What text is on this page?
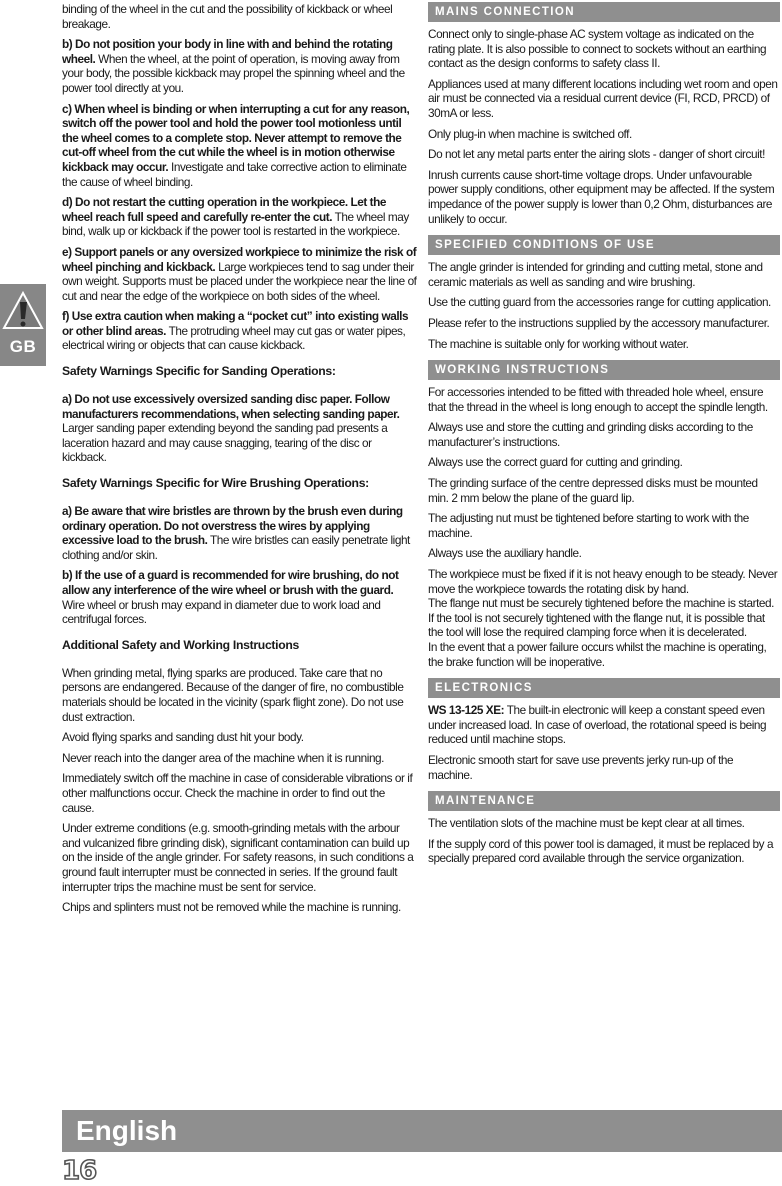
GB

binding of the wheel in the cut and the possibility of kickback or wheel breakage.

b) Do not position your body in line with and behind the rotating wheel. When the wheel, at the point of operation, is moving away from your body, the possible kickback may propel the spinning wheel and the power tool directly at you.

c) When wheel is binding or when interrupting a cut for any reason, switch off the power tool and hold the power tool motionless until the wheel comes to a complete stop. Never attempt to remove the cut-off wheel from the cut while the wheel is in motion otherwise kickback may occur. Investigate and take corrective action to eliminate the cause of wheel binding.

d) Do not restart the cutting operation in the workpiece. Let the wheel reach full speed and carefully re-enter the cut. The wheel may bind, walk up or kickback if the power tool is restarted in the workpiece.

e) Support panels or any oversized workpiece to minimize the risk of wheel pinching and kickback. Large workpieces tend to sag under their own weight. Supports must be placed under the workpiece near the line of cut and near the edge of the workpiece on both sides of the wheel.

f) Use extra caution when making a “pocket cut” into existing walls or other blind areas. The protruding wheel may cut gas or water pipes, electrical wiring or objects that can cause kickback.

Safety Warnings Specific for Sanding Operations:

a) Do not use excessively oversized sanding disc paper. Follow manufacturers recommendations, when selecting sanding paper. Larger sanding paper extending beyond the sanding pad presents a laceration hazard and may cause snagging, tearing of the disc or kickback.

Safety Warnings Specific for Wire Brushing Operations:

a) Be aware that wire bristles are thrown by the brush even during ordinary operation. Do not overstress the wires by applying excessive load to the brush. The wire bristles can easily penetrate light clothing and/or skin.

b) If the use of a guard is recommended for wire brushing, do not allow any interference of the wire wheel or brush with the guard. Wire wheel or brush may expand in diameter due to work load and centrifugal forces.

Additional Safety and Working Instructions

When grinding metal, flying sparks are produced. Take care that no persons are endangered. Because of the danger of fire, no combustible materials should be located in the vicinity (spark flight zone). Do not use dust extraction.

Avoid flying sparks and sanding dust hit your body.

Never reach into the danger area of the machine when it is running.

Immediately switch off the machine in case of considerable vibrations or if other malfunctions occur. Check the machine in order to find out the cause.

Under extreme conditions (e.g. smooth-grinding metals with the arbour and vulcanized fibre grinding disk), significant contamination can build up on the inside of the angle grinder. For safety reasons, in such conditions a ground fault interrupter must be connected in series. If the ground fault interrupter trips the machine must be sent for service.

Chips and splinters must not be removed while the machine is running.

MAINS CONNECTION

Connect only to single-phase AC system voltage as indicated on the rating plate. It is also possible to connect to sockets without an earthing contact as the design conforms to safety class II.

Appliances used at many different locations including wet room and open air must be connected via a residual current device (FI, RCD, PRCD) of 30mA or less.

Only plug-in when machine is switched off.

Do not let any metal parts enter the airing slots - danger of short circuit!

Inrush currents cause short-time voltage drops. Under unfavourable power supply conditions, other equipment may be affected. If the system impedance of the power supply is lower than 0,2 Ohm, disturbances are unlikely to occur.

SPECIFIED CONDITIONS OF USE

The angle grinder is intended for grinding and cutting metal, stone and ceramic materials as well as sanding and wire brushing.

Use the cutting guard from the accessories range for cutting application.

Please refer to the instructions supplied by the accessory manufacturer.

The machine is suitable only for working without water.

WORKING INSTRUCTIONS

For accessories intended to be fitted with threaded hole wheel, ensure that the thread in the wheel is long enough to accept the spindle length.

Always use and store the cutting and grinding disks according to the manufacturer’s instructions.

Always use the correct guard for cutting and grinding.

The grinding surface of the centre depressed disks must be mounted min. 2 mm below the plane of the guard lip.

The adjusting nut must be tightened before starting to work with the machine.

Always use the auxiliary handle.

The workpiece must be fixed if it is not heavy enough to be steady. Never move the workpiece towards the rotating disk by hand.

The flange nut must be securely tightened before the machine is started.

If the tool is not securely tightened with the flange nut, it is possible that the tool will lose the required clamping force when it is decelerated.

In the event that a power failure occurs whilst the machine is operating, the brake function will be inoperative.

ELECTRONICS

WS 13-125 XE: The built-in electronic will keep a constant speed even under increased load. In case of overload, the rotational speed is being reduced until machine stops.

Electronic smooth start for save use prevents jerky run-up of the machine.

MAINTENANCE

The ventilation slots of the machine must be kept clear at all times.

If the supply cord of this power tool is damaged, it must be replaced by a specially prepared cord available through the service organization.

English
16
